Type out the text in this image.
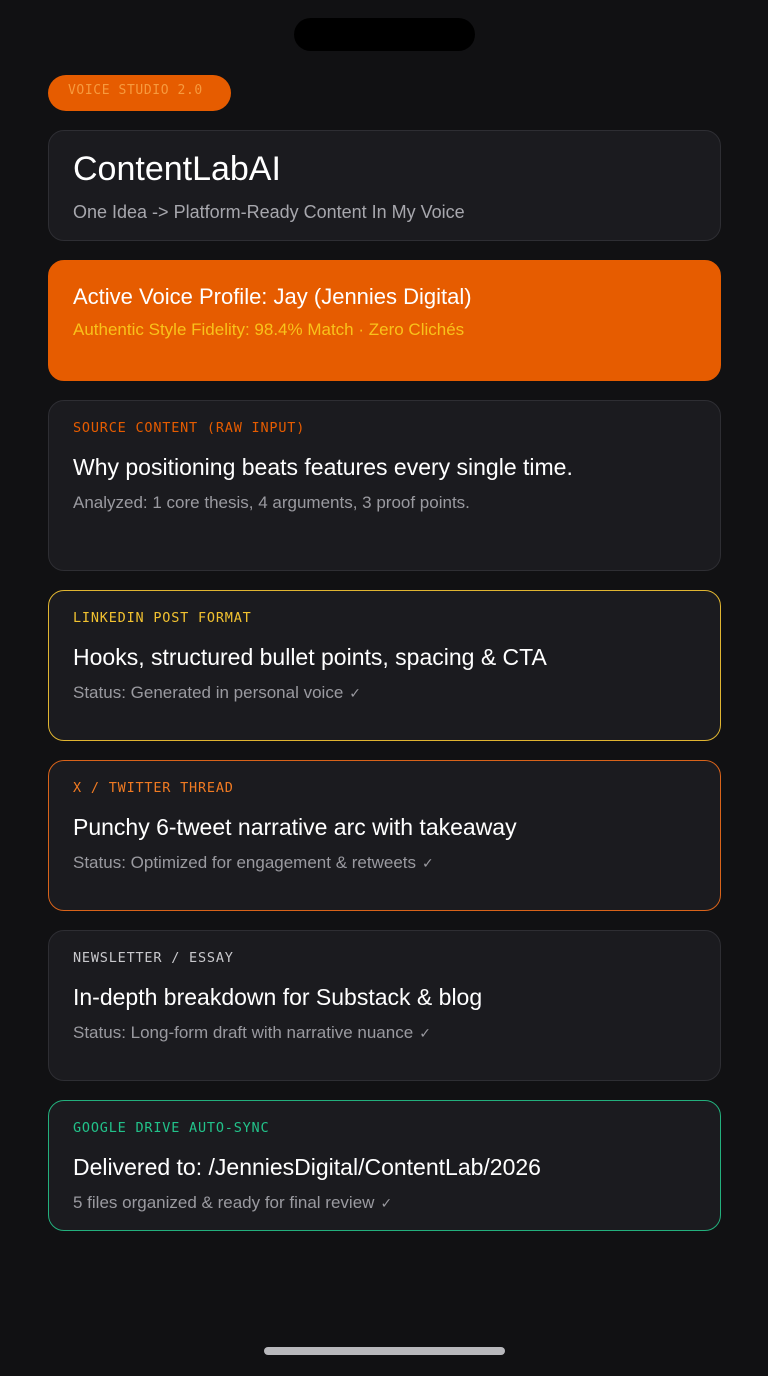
VOICE STUDIO 2.0
ContentLabAI
One Idea -> Platform-Ready Content In My Voice
Active Voice Profile: Jay (Jennies Digital)
Authentic Style Fidelity: 98.4% Match · Zero Clichés
SOURCE CONTENT (RAW INPUT)
Why positioning beats features every single time.
Analyzed: 1 core thesis, 4 arguments, 3 proof points.
LINKEDIN POST FORMAT
Hooks, structured bullet points, spacing & CTA
Status: Generated in personal voice ✓
X / TWITTER THREAD
Punchy 6-tweet narrative arc with takeaway
Status: Optimized for engagement & retweets ✓
NEWSLETTER / ESSAY
In-depth breakdown for Substack & blog
Status: Long-form draft with narrative nuance ✓
GOOGLE DRIVE AUTO-SYNC
Delivered to: /JenniesDigital/ContentLab/2026
5 files organized & ready for final review ✓
